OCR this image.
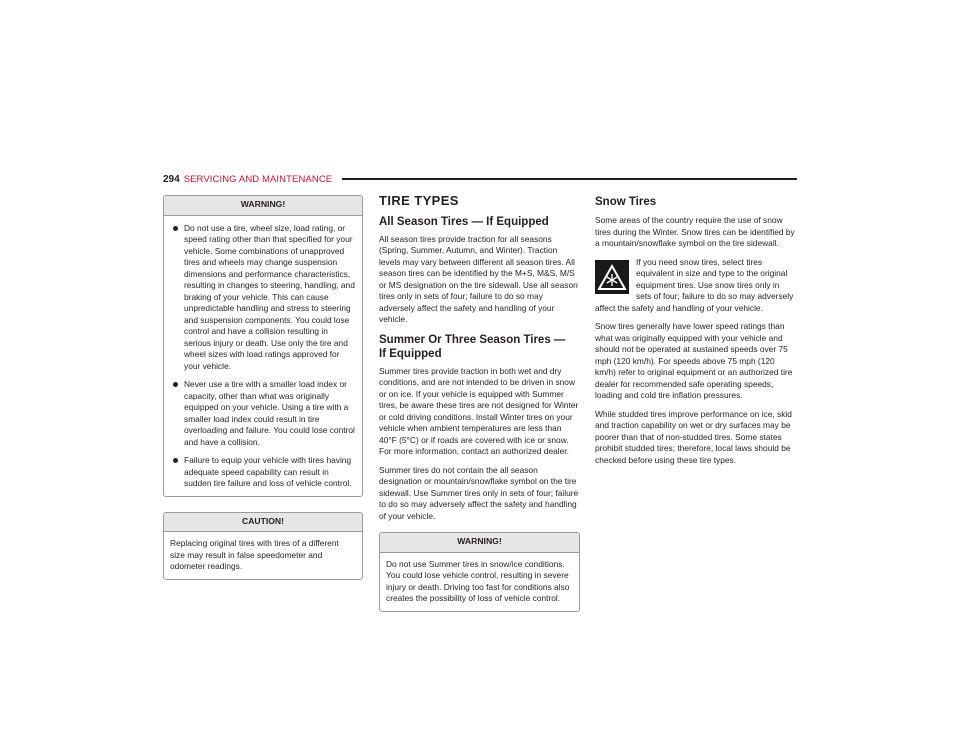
294 SERVICING AND MAINTENANCE
WARNING!
Do not use a tire, wheel size, load rating, or speed rating other than that specified for your vehicle. Some combinations of unapproved tires and wheels may change suspension dimensions and performance characteristics, resulting in changes to steering, handling, and braking of your vehicle. This can cause unpredictable handling and stress to steering and suspension components. You could lose control and have a collision resulting in serious injury or death. Use only the tire and wheel sizes with load ratings approved for your vehicle.
Never use a tire with a smaller load index or capacity, other than what was originally equipped on your vehicle. Using a tire with a smaller load index could result in tire overloading and failure. You could lose control and have a collision.
Failure to equip your vehicle with tires having adequate speed capability can result in sudden tire failure and loss of vehicle control.
CAUTION!

Replacing original tires with tires of a different size may result in false speedometer and odometer readings.

TIRE TYPES
All Season Tires — If Equipped

All season tires provide traction for all seasons (Spring, Summer, Autumn, and Winter). Traction levels may vary between different all season tires. All season tires can be identified by the M+S, M&S, M/S or MS designation on the tire sidewall. Use all season tires only in sets of four; failure to do so may adversely affect the safety and handling of your vehicle.

Summer Or Three Season Tires —
If Equipped

Summer tires provide traction in both wet and dry conditions, and are not intended to be driven in snow or on ice. If your vehicle is equipped with Summer tires, be aware these tires are not designed for Winter or cold driving conditions. Install Winter tires on your vehicle when ambient temperatures are less than 40°F (5°C) or if roads are covered with ice or snow. For more information, contact an authorized dealer.

Summer tires do not contain the all season designation or mountain/snowflake symbol on the tire sidewall. Use Summer tires only in sets of four; failure to do so may adversely affect the safety and handling of your vehicle.

WARNING!

Do not use Summer tires in snow/ice conditions. You could lose vehicle control, resulting in severe injury or death. Driving too fast for conditions also creates the possibility of loss of vehicle control.

Snow Tires

Some areas of the country require the use of snow tires during the Winter. Snow tires can be identified by a mountain/snowflake symbol on the tire sidewall.

If you need snow tires, select tires equivalent in size and type to the original equipment tires. Use snow tires only in sets of four; failure to do so may adversely affect the safety and handling of your vehicle.

Snow tires generally have lower speed ratings than what was originally equipped with your vehicle and should not be operated at sustained speeds over 75 mph (120 km/h). For speeds above 75 mph (120 km/h) refer to original equipment or an authorized tire dealer for recommended safe operating speeds, loading and cold tire inflation pressures.

While studded tires improve performance on ice, skid and traction capability on wet or dry surfaces may be poorer than that of non-studded tires. Some states prohibit studded tires; therefore, local laws should be checked before using these tire types.
